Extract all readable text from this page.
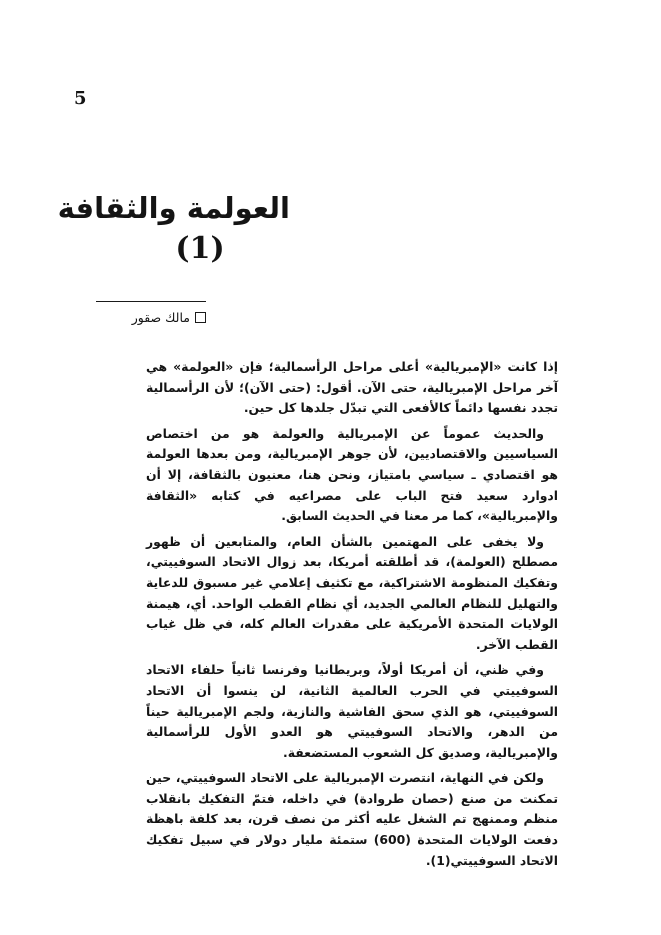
5
العولمة والثقافة
(1)
مالك صقور

إذا كانت «الإمبريالية» أعلى مراحل الرأسمالية؛ فإن «العولمة» هي آخر مراحل الإمبريالية، حتى الآن. أقول: (حتى الآن)؛ لأن الرأسمالية تجدد نفسها دائماً كالأفعى التي تبدّل جلدها كل حين.

والحديث عموماً عن الإمبريالية والعولمة هو من اختصاص السياسيين والاقتصاديين، لأن جوهر الإمبريالية، ومن بعدها العولمة هو اقتصادي ـ سياسي بامتياز، ونحن هنا، معنيون بالثقافة، إلا أن ادوارد سعيد فتح الباب على مصراعيه في كتابه «الثقافة والإمبريالية»، كما مر معنا في الحديث السابق.

ولا يخفى على المهتمين بالشأن العام، والمتابعين أن ظهور مصطلح (العولمة)، قد أطلقته أمريكا، بعد زوال الاتحاد السوفييتي، وتفكيك المنظومة الاشتراكية، مع تكثيف إعلامي غير مسبوق للدعاية والتهليل للنظام العالمي الجديد، أي نظام القطب الواحد. أي، هيمنة الولايات المتحدة الأمريكية على مقدرات العالم كله، في ظل غياب القطب الآخر.

وفي ظني، أن أمريكا أولاً، وبريطانيا وفرنسا ثانياً حلفاء الاتحاد السوفييتي في الحرب العالمية الثانية، لن ينسوا أن الاتحاد السوفييتي، هو الذي سحق الفاشية والنازية، ولجم الإمبريالية حيناً من الدهر، والاتحاد السوفييتي هو العدو الأول للرأسمالية والإمبريالية، وصديق كل الشعوب المستضعفة.

ولكن في النهاية، انتصرت الإمبريالية على الاتحاد السوفييتي، حين تمكنت من صنع (حصان طروادة) في داخله، فتمّ التفكيك بانقلاب منظم وممنهج تم الشغل عليه أكثر من نصف قرن، بعد كلفة باهظة دفعت الولايات المتحدة (600) ستمئة مليار دولار في سبيل تفكيك الاتحاد السوفييتي(1).
